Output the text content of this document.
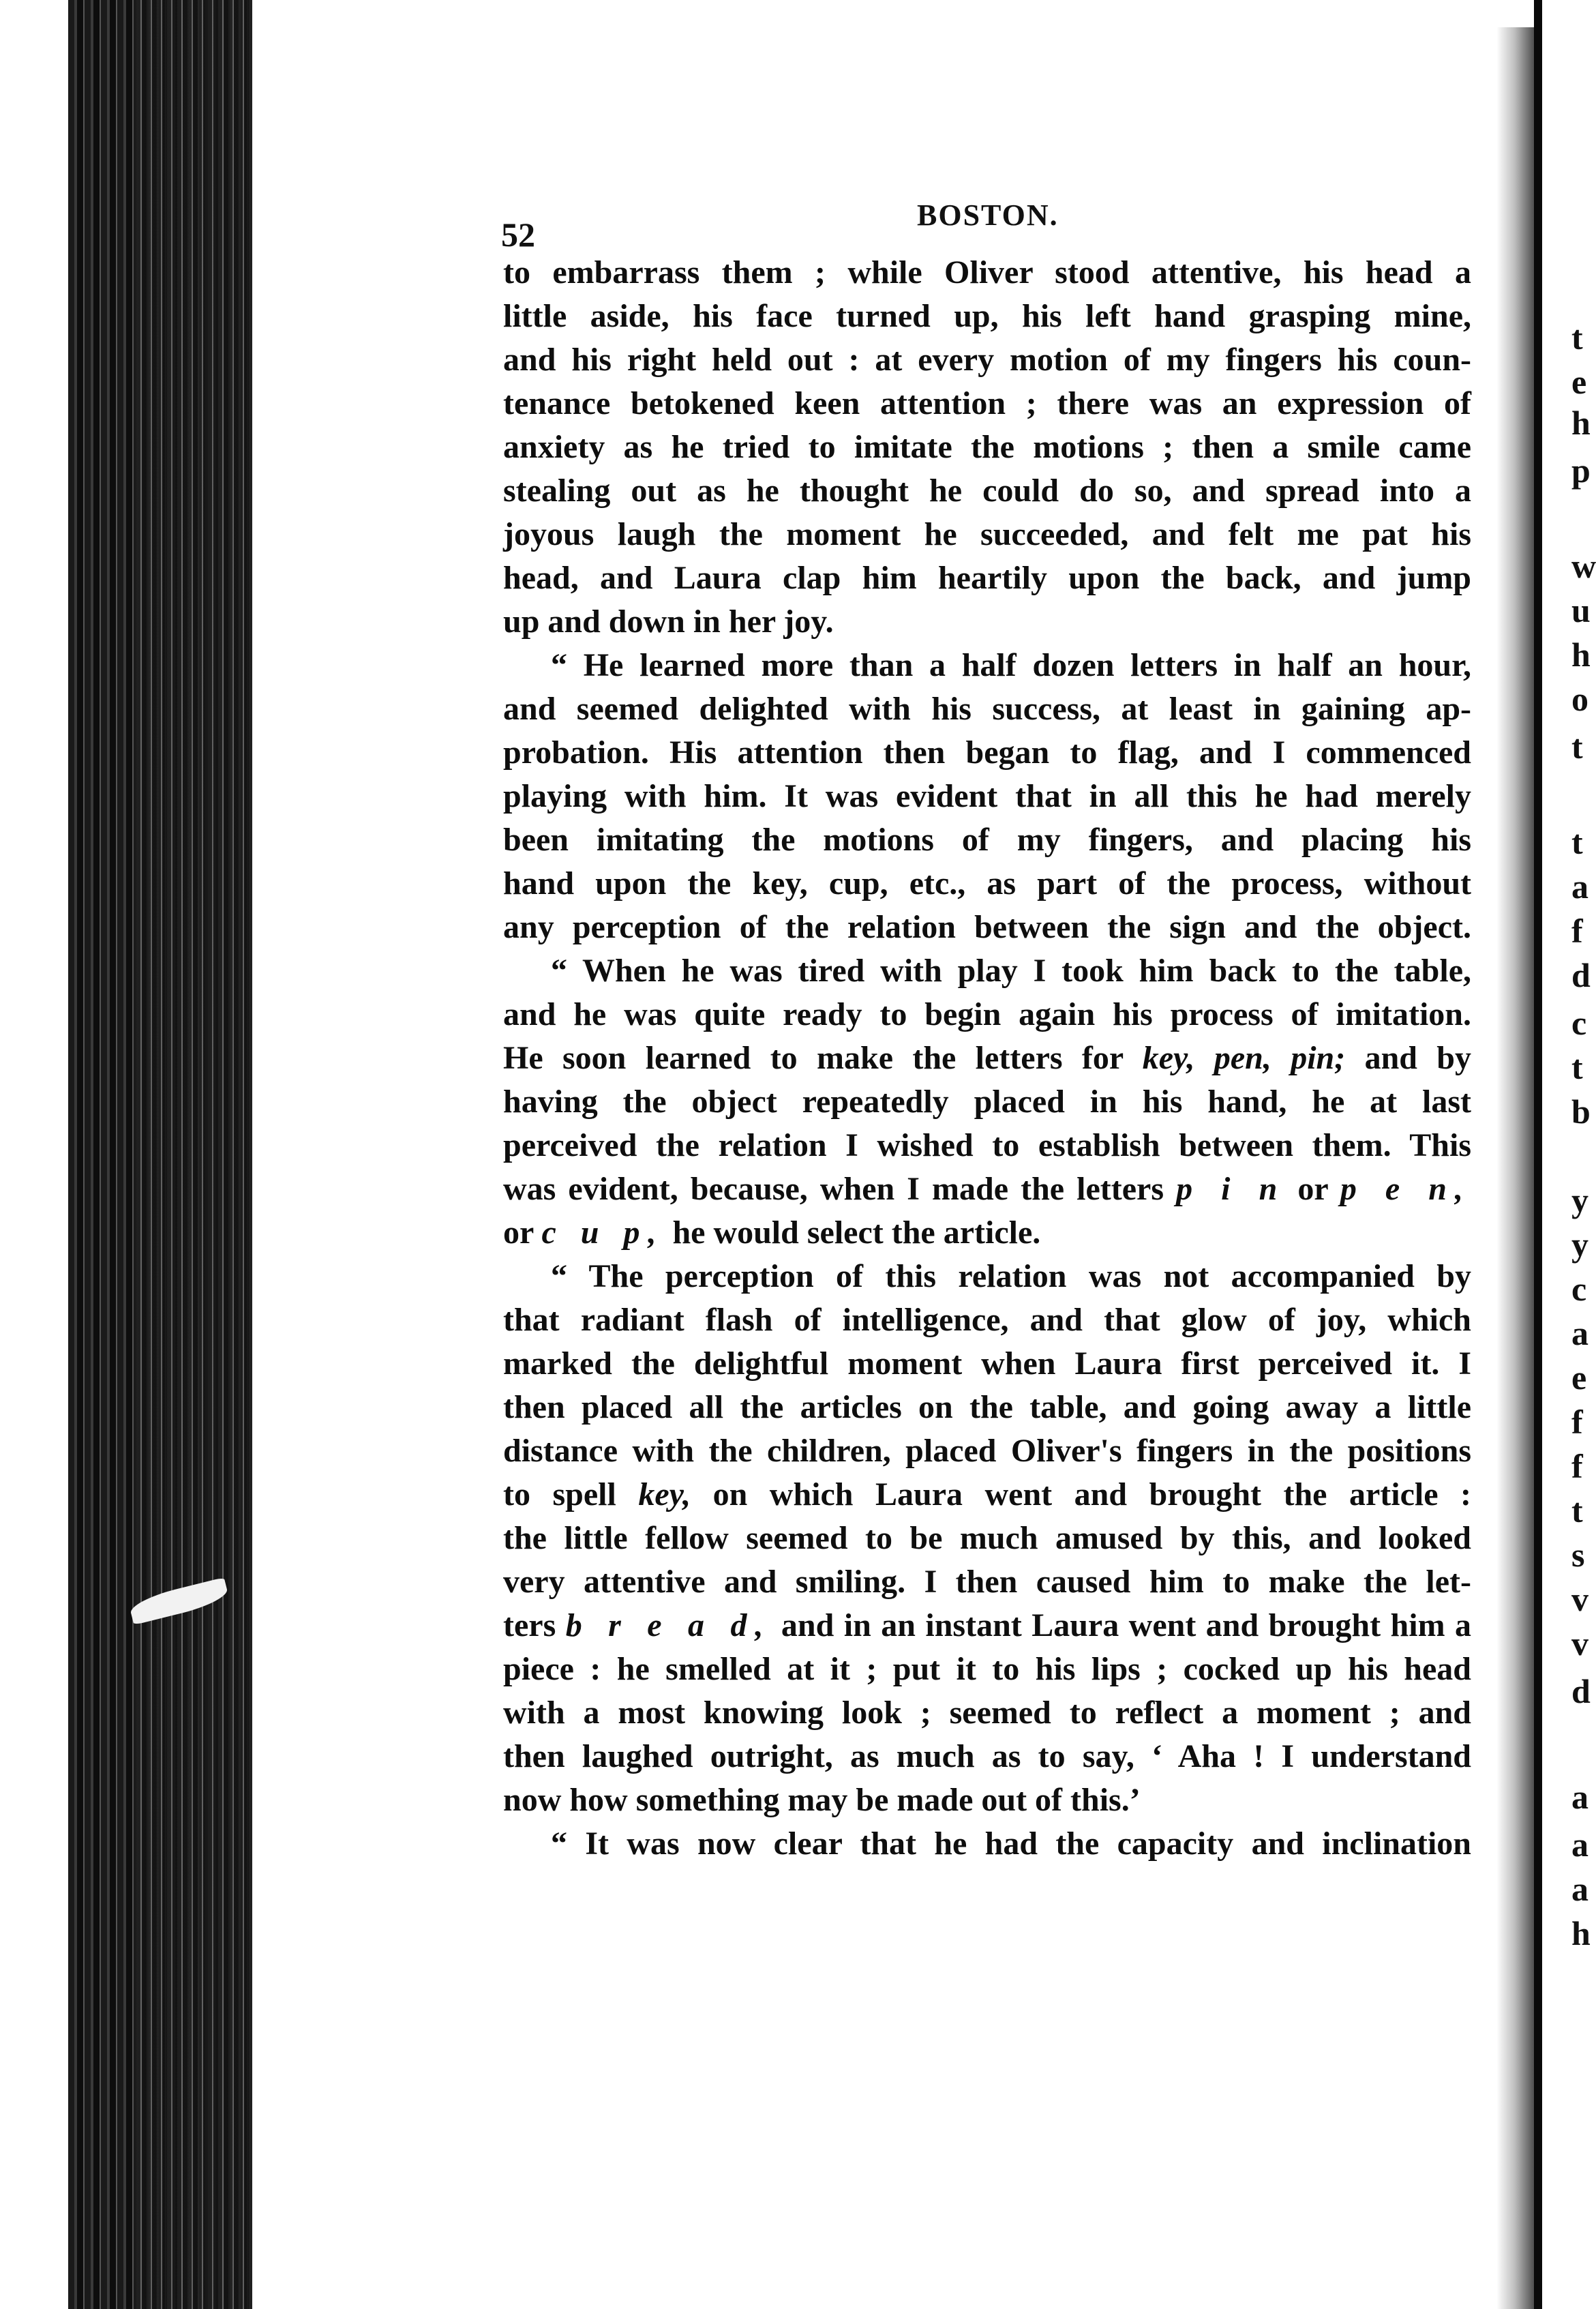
t
e
h
p
w
u
h
o
t
t
a
f
d
c
t
b
y
y
c
a
e
f
f
t
s
v
v
d
a
a
a
h
52
BOSTON.
to embarrass them ; while Oliver stood attentive, his head a
little aside, his face turned up, his left hand grasping mine,
and his right held out : at every motion of my fingers his coun-
tenance betokened keen attention ; there was an expression of
anxiety as he tried to imitate the motions ; then a smile came
stealing out as he thought he could do so, and spread into a
joyous laugh the moment he succeeded, and felt me pat his
head, and Laura clap him heartily upon the back, and jump
up and down in her joy.
“ He learned more than a half dozen letters in half an hour,
and seemed delighted with his success, at least in gaining ap-
probation. His attention then began to flag, and I commenced
playing with him. It was evident that in all this he had merely
been imitating the motions of my fingers, and placing his
hand upon the key, cup, etc., as part of the process, without
any perception of the relation between the sign and the object.
“ When he was tired with play I took him back to the table,
and he was quite ready to begin again his process of imitation.
He soon learned to make the letters for key, pen, pin; and by
having the object repeatedly placed in his hand, he at last
perceived the relation I wished to establish between them. This
was evident, because, when I made the letters p i n or p e n,
or c u p, he would select the article.
“ The perception of this relation was not accompanied by
that radiant flash of intelligence, and that glow of joy, which
marked the delightful moment when Laura first perceived it. I
then placed all the articles on the table, and going away a little
distance with the children, placed Oliver's fingers in the positions
to spell key, on which Laura went and brought the article :
the little fellow seemed to be much amused by this, and looked
very attentive and smiling. I then caused him to make the let-
ters b r e a d, and in an instant Laura went and brought him a
piece : he smelled at it ; put it to his lips ; cocked up his head
with a most knowing look ; seemed to reflect a moment ; and
then laughed outright, as much as to say, ‘ Aha ! I understand
now how something may be made out of this.’
“ It was now clear that he had the capacity and inclination
